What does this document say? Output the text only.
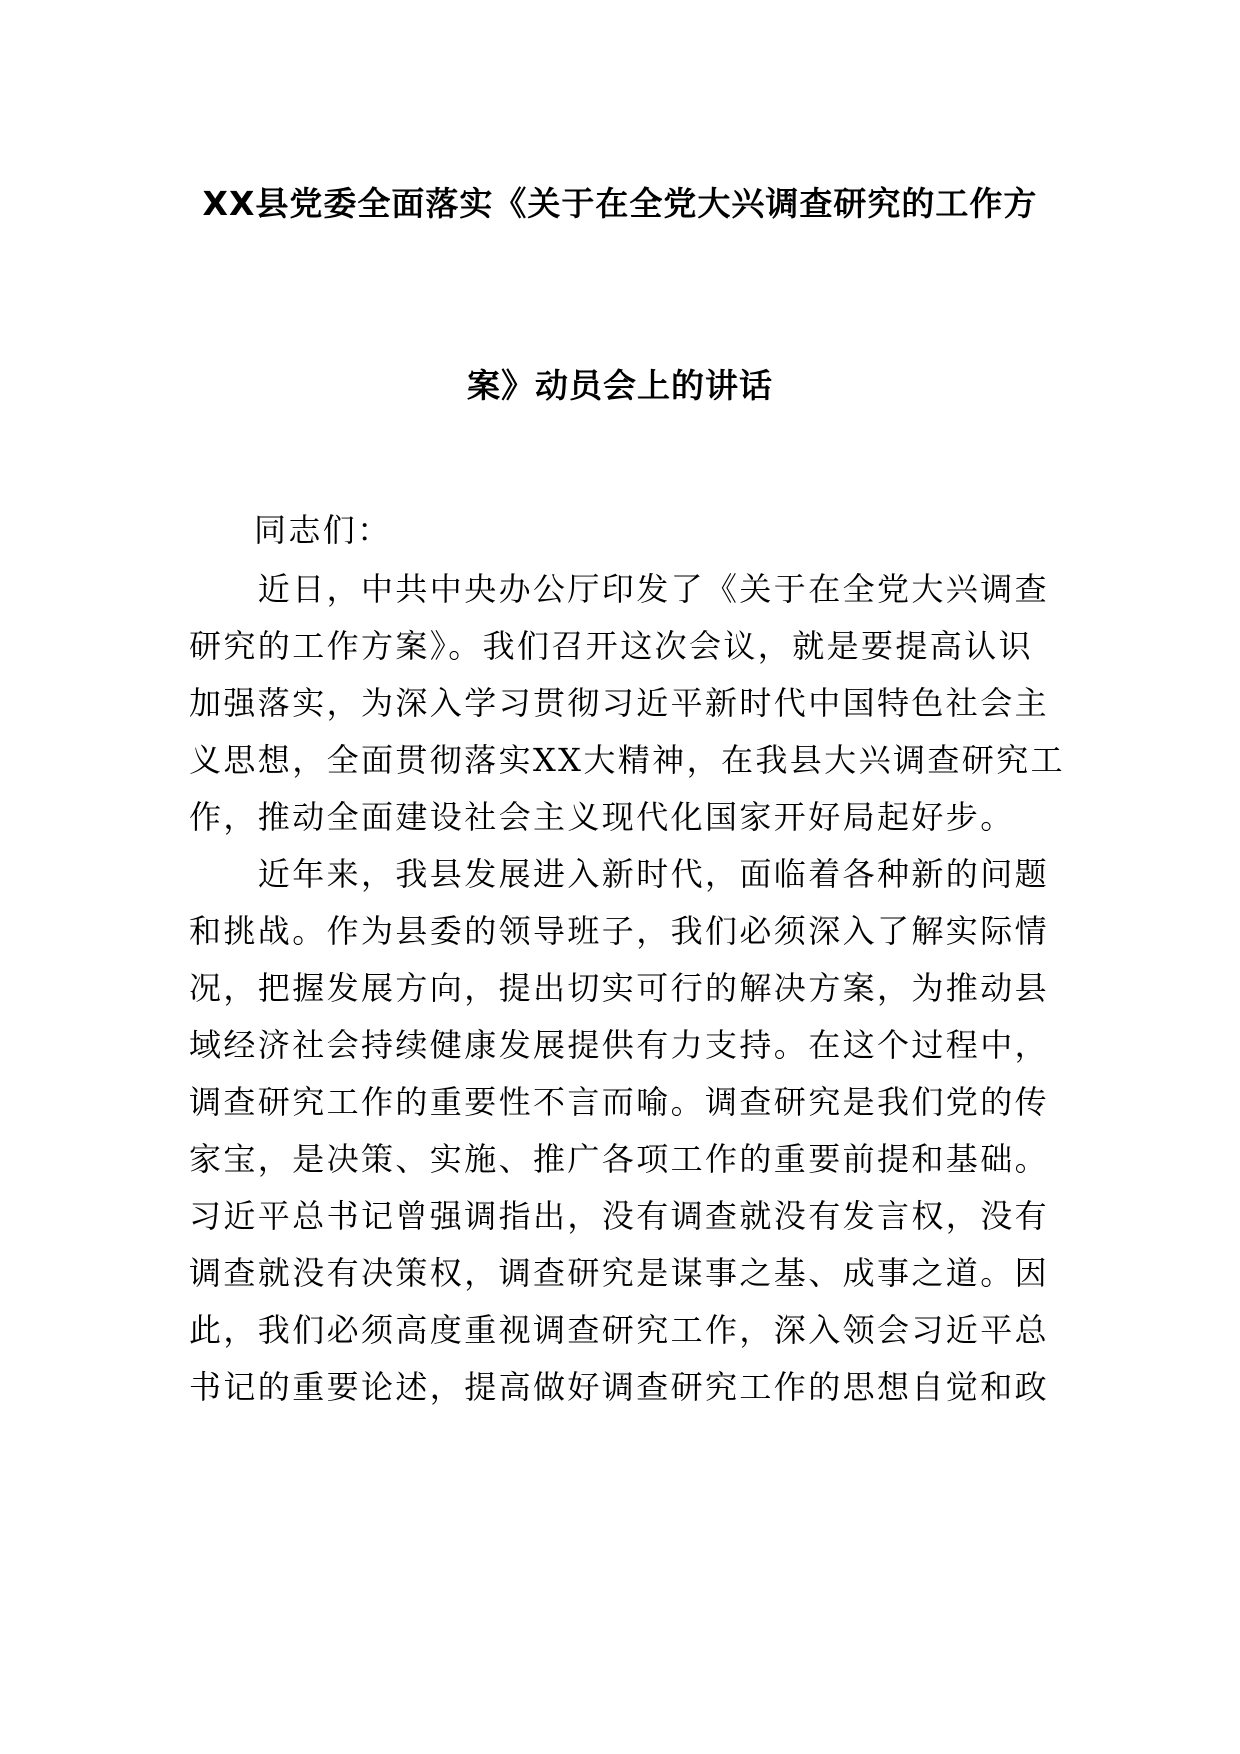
XX县党委全面落实《关于在全党大兴调查研究的工作方
案》动员会上的讲话
同志们：
　　近日，中共中央办公厅印发了《关于在全党大兴调查
研究的工作方案》。我们召开这次会议，就是要提高认识
加强落实，为深入学习贯彻习近平新时代中国特色社会主
义思想，全面贯彻落实XX大精神，在我县大兴调查研究工
作，推动全面建设社会主义现代化国家开好局起好步。
　　近年来，我县发展进入新时代，面临着各种新的问题
和挑战。作为县委的领导班子，我们必须深入了解实际情
况，把握发展方向，提出切实可行的解决方案，为推动县
域经济社会持续健康发展提供有力支持。在这个过程中，
调查研究工作的重要性不言而喻。调查研究是我们党的传
家宝，是决策、实施、推广各项工作的重要前提和基础。
习近平总书记曾强调指出，没有调查就没有发言权，没有
调查就没有决策权，调查研究是谋事之基、成事之道。因
此，我们必须高度重视调查研究工作，深入领会习近平总
书记的重要论述，提高做好调查研究工作的思想自觉和政
